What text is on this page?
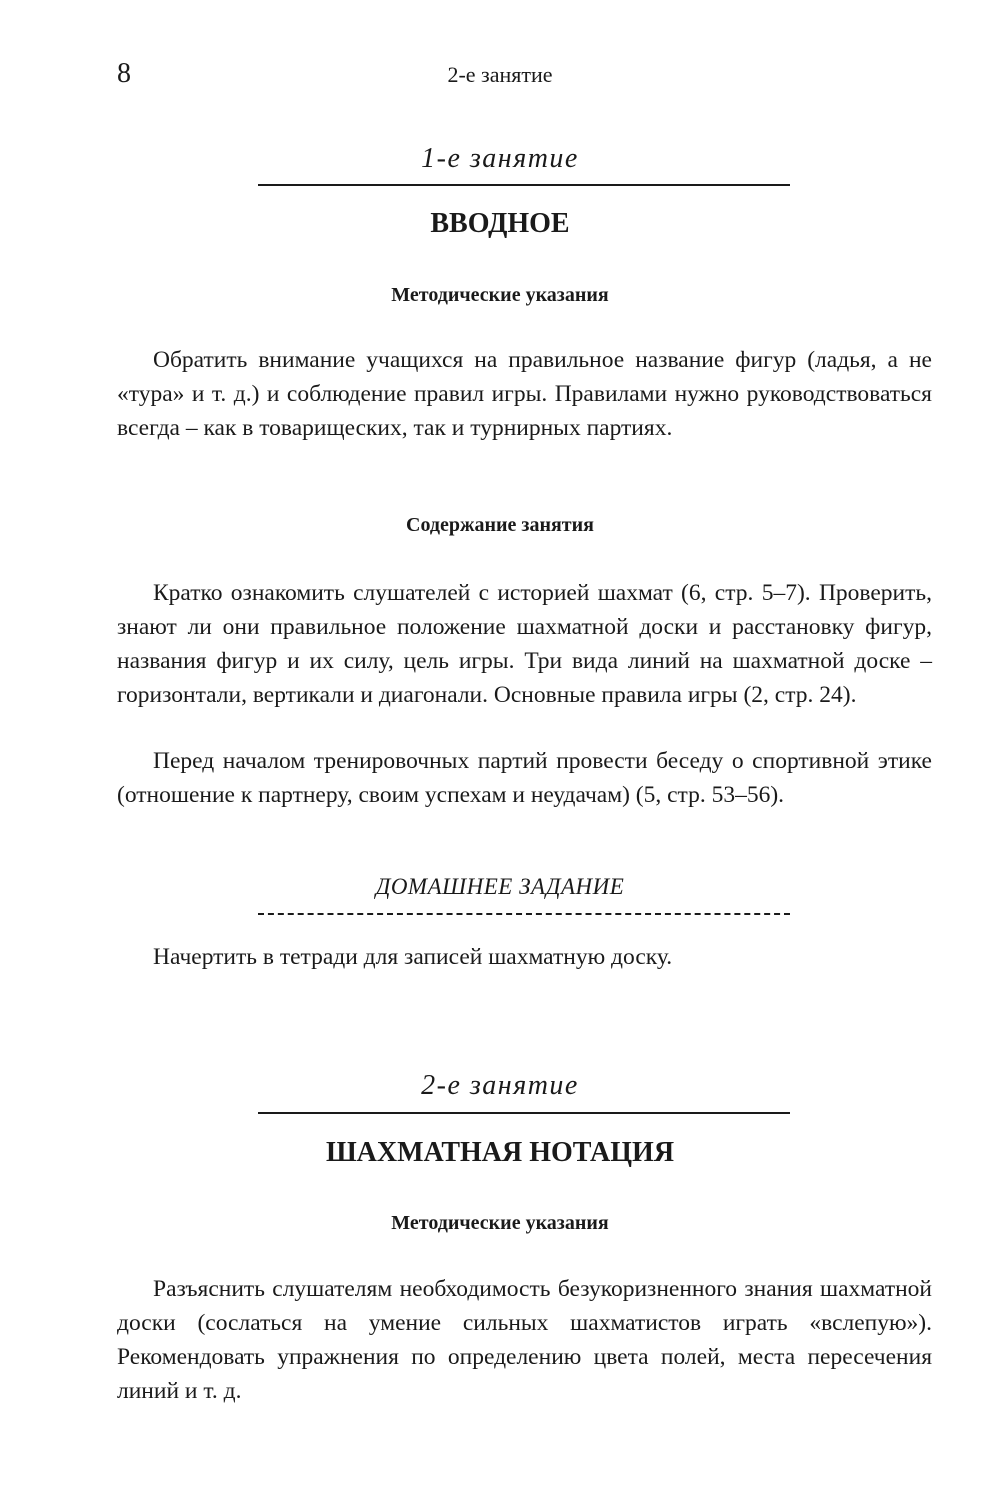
8	2-е занятие
1-е занятие
ВВОДНОЕ
Методические указания

Обратить внимание учащихся на правильное название фигур (ладья, а не «тура» и т. д.) и соблюдение правил игры. Правилами нужно руководствоваться всегда – как в товарищеских, так и турнирных партиях.

Содержание занятия

Кратко ознакомить слушателей с историей шахмат (6, стр. 5–7). Проверить, знают ли они правильное положение шахматной доски и расстановку фигур, названия фигур и их силу, цель игры. Три вида линий на шахматной доске – горизонтали, вертикали и диагонали. Основные правила игры (2, стр. 24).

Перед началом тренировочных партий провести беседу о спортивной этике (отношение к партнеру, своим успехам и неудачам) (5, стр. 53–56).

ДОМАШНЕЕ ЗАДАНИЕ

Начертить в тетради для записей шахматную доску.

2-е занятие
ШАХМАТНАЯ НОТАЦИЯ
Методические указания

Разъяснить слушателям необходимость безукоризненного знания шахматной доски (сослаться на умение сильных шахматистов играть «вслепую»). Рекомендовать упражнения по определению цвета полей, места пересечения линий и т. д.
